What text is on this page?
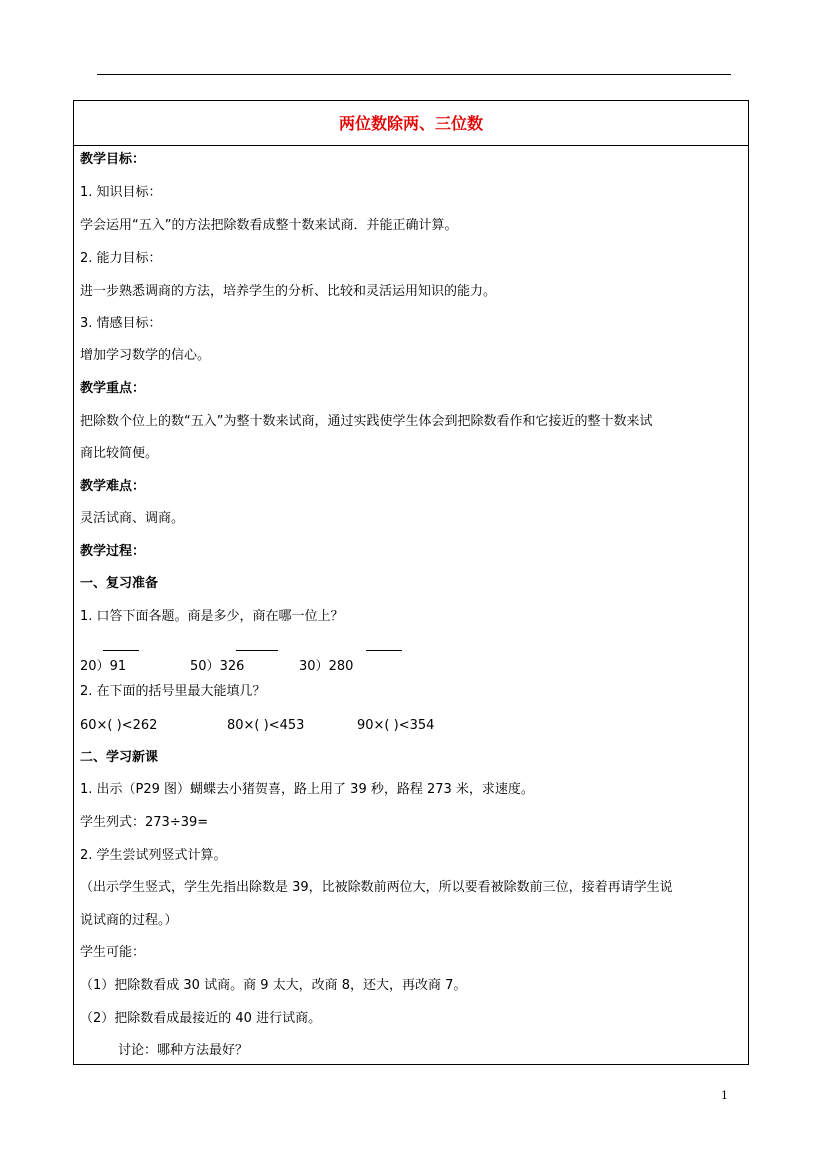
两位数除两、三位数
教学目标：
1. 知识目标：
学会运用“五入”的方法把除数看成整十数来试商．并能正确计算。
2. 能力目标：
进一步熟悉调商的方法，培养学生的分析、比较和灵活运用知识的能力。
3. 情感目标：
增加学习数学的信心。
教学重点：
把除数个位上的数“五入”为整十数来试商，通过实践使学生体会到把除数看作和它接近的整十数来试
商比较简便。
教学难点：
灵活试商、调商。
教学过程：
一、复习准备
1. 口答下面各题。商是多少，商在哪一位上？
20）91	50）326	30）280
2. 在下面的括号里最大能填几？
60×( )<262	80×( )<453	90×( )<354
二、学习新课
1. 出示（P29 图）蝴蝶去小猪贺喜，路上用了 39 秒，路程 273 米，求速度。
学生列式：273÷39=
2. 学生尝试列竖式计算。
（出示学生竖式，学生先指出除数是 39，比被除数前两位大，所以要看被除数前三位，接着再请学生说
说试商的过程。）
学生可能：
（1）把除数看成 30 试商。商 9 太大，改商 8，还大，再改商 7。
（2）把除数看成最接近的 40 进行试商。
讨论：哪种方法最好？
1
